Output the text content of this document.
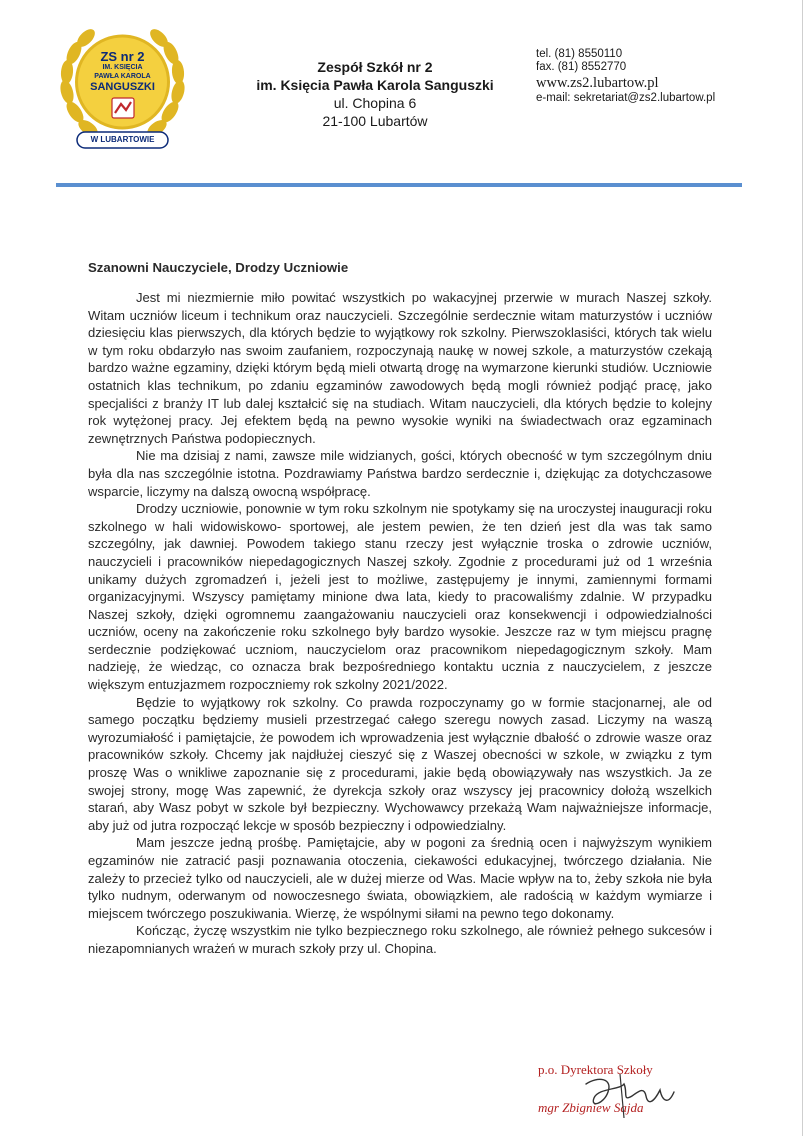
ZS nr 2
IM. KSIĘCIA
PAWŁA KAROLA
SANGUSZKI
W LUBARTOWIE
Zespół Szkół nr 2
im. Księcia Pawła Karola Sanguszki
ul. Chopina 6
21-100 Lubartów
tel. (81) 8550110
fax. (81) 8552770
www.zs2.lubartow.pl
e-mail: sekretariat@zs2.lubartow.pl
Szanowni Nauczyciele, Drodzy Uczniowie

Jest mi niezmiernie miło powitać wszystkich po wakacyjnej przerwie w murach Naszej szkoły. Witam uczniów liceum i technikum oraz nauczycieli. Szczególnie serdecznie witam maturzystów i uczniów dziesięciu klas pierwszych, dla których będzie to wyjątkowy rok szkolny. Pierwszoklasiści, których tak wielu w tym roku obdarzyło nas swoim zaufaniem, rozpoczynają naukę w nowej szkole, a maturzystów czekają bardzo ważne egzaminy, dzięki którym będą mieli otwartą drogę na wymarzone kierunki studiów. Uczniowie ostatnich klas technikum, po zdaniu egzaminów zawodowych będą mogli również podjąć pracę, jako specjaliści z branży IT lub dalej kształcić się na studiach. Witam nauczycieli, dla których będzie to kolejny rok wytężonej pracy. Jej efektem będą na pewno wysokie wyniki na świadectwach oraz egzaminach zewnętrznych Państwa podopiecznych.

Nie ma dzisiaj z nami, zawsze mile widzianych, gości, których obecność w tym szczególnym dniu była dla nas szczególnie istotna. Pozdrawiamy Państwa bardzo serdecznie i, dziękując za dotychczasowe wsparcie, liczymy na dalszą owocną współpracę.

Drodzy uczniowie, ponownie w tym roku szkolnym nie spotykamy się na uroczystej inauguracji roku szkolnego w hali widowiskowo- sportowej, ale jestem pewien, że ten dzień jest dla was tak samo szczególny, jak dawniej. Powodem takiego stanu rzeczy jest wyłącznie troska o zdrowie uczniów, nauczycieli i pracowników niepedagogicznych Naszej szkoły. Zgodnie z procedurami już od 1 września unikamy dużych zgromadzeń i, jeżeli jest to możliwe, zastępujemy je innymi, zamiennymi formami organizacyjnymi. Wszyscy pamiętamy minione dwa lata, kiedy to pracowaliśmy zdalnie. W przypadku Naszej szkoły, dzięki ogromnemu zaangażowaniu nauczycieli oraz konsekwencji i odpowiedzialności uczniów, oceny na zakończenie roku szkolnego były bardzo wysokie. Jeszcze raz w tym miejscu pragnę serdecznie podziękować uczniom, nauczycielom oraz pracownikom niepedagogicznym szkoły. Mam nadzieję, że wiedząc, co oznacza brak bezpośredniego kontaktu ucznia z nauczycielem, z jeszcze większym entuzjazmem rozpoczniemy rok szkolny 2021/2022.

Będzie to wyjątkowy rok szkolny. Co prawda rozpoczynamy go w formie stacjonarnej, ale od samego początku będziemy musieli przestrzegać całego szeregu nowych zasad. Liczymy na waszą wyrozumiałość i pamiętajcie, że powodem ich wprowadzenia jest wyłącznie dbałość o zdrowie wasze oraz pracowników szkoły. Chcemy jak najdłużej cieszyć się z Waszej obecności w szkole, w związku z tym proszę Was o wnikliwe zapoznanie się z procedurami, jakie będą obowiązywały nas wszystkich. Ja ze swojej strony, mogę Was zapewnić, że dyrekcja szkoły oraz wszyscy jej pracownicy dołożą wszelkich starań, aby Wasz pobyt w szkole był bezpieczny. Wychowawcy przekażą Wam najważniejsze informacje, aby już od jutra rozpocząć lekcje w sposób bezpieczny i odpowiedzialny.

Mam jeszcze jedną prośbę. Pamiętajcie, aby w pogoni za średnią ocen i najwyższym wynikiem egzaminów nie zatracić pasji poznawania otoczenia, ciekawości edukacyjnej, twórczego działania. Nie zależy to przecież tylko od nauczycieli, ale w dużej mierze od Was. Macie wpływ na to, żeby szkoła nie była tylko nudnym, oderwanym od nowoczesnego świata, obowiązkiem, ale radością w każdym wymiarze i miejscem twórczego poszukiwania. Wierzę, że wspólnymi siłami na pewno tego dokonamy.

Kończąc, życzę wszystkim nie tylko bezpiecznego roku szkolnego, ale również pełnego sukcesów i niezapomnianych wrażeń w murach szkoły przy ul. Chopina.

p.o. Dyrektora Szkoły
mgr Zbigniew Sajda
